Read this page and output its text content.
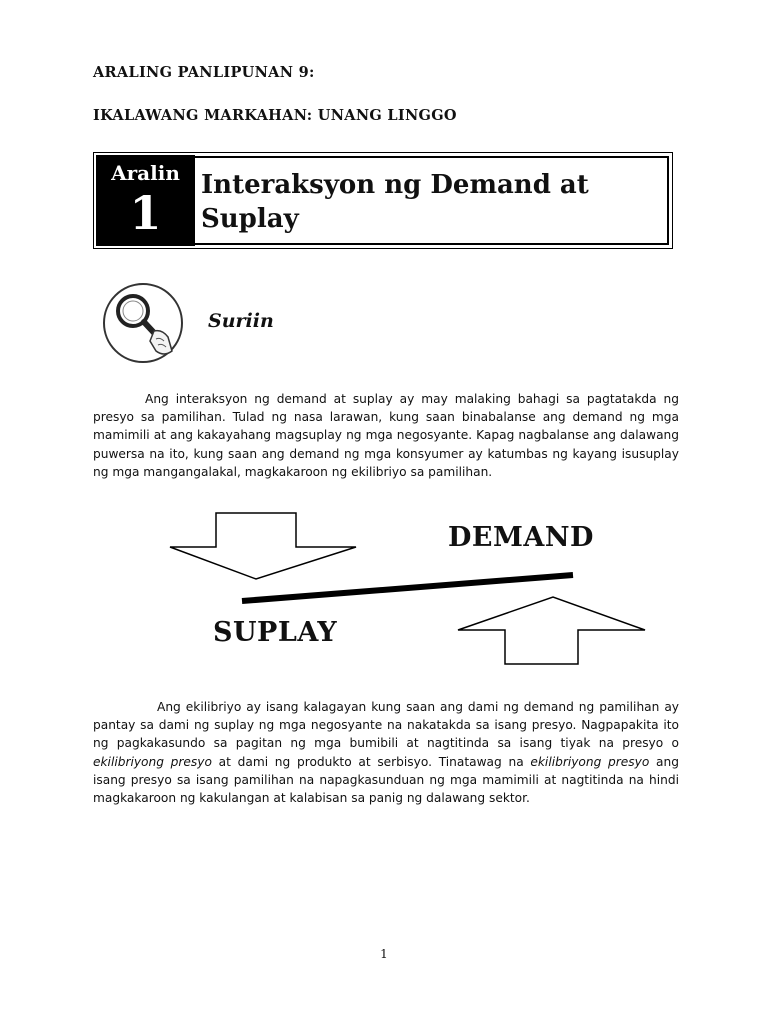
ARALING PANLIPUNAN 9:
IKALAWANG MARKAHAN: UNANG LINGGO
Aralin
1
Interaksyon ng Demand at Suplay
Suriin
Ang interaksyon ng demand at suplay ay may malaking bahagi sa pagtatakda ng presyo sa pamilihan. Tulad ng nasa larawan, kung saan binabalanse ang demand ng mga mamimili at ang kakayahang magsuplay ng mga negosyante. Kapag nagbalanse ang dalawang puwersa na ito, kung saan ang demand ng mga konsyumer ay katumbas ng kayang isusuplay ng mga mangangalakal, magkakaroon ng ekilibriyo sa pamilihan.
DEMAND
SUPLAY
Ang ekilibriyo ay isang kalagayan kung saan ang dami ng demand ng pamilihan ay pantay sa dami ng suplay ng mga negosyante na nakatakda sa isang presyo. Nagpapakita ito ng pagkakasundo sa pagitan ng mga bumibili at nagtitinda sa isang tiyak na presyo o ekilibriyong presyo at dami ng produkto at serbisyo. Tinatawag na ekilibriyong presyo ang isang presyo sa isang pamilihan na napagkasunduan ng mga mamimili at nagtitinda na hindi magkakaroon ng kakulangan at kalabisan sa panig ng dalawang sektor.
1
